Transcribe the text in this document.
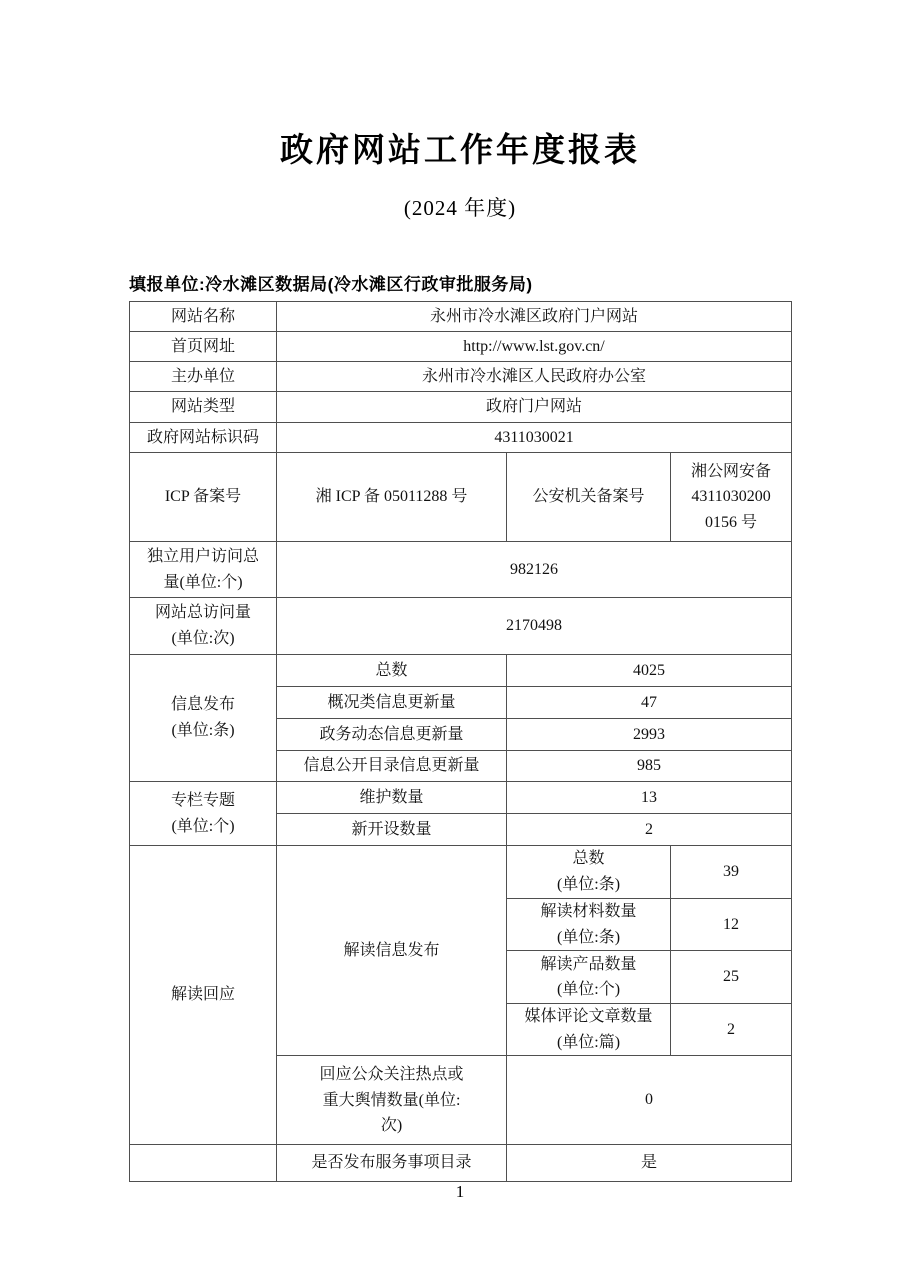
政府网站工作年度报表
(2024 年度)
填报单位:冷水滩区数据局(冷水滩区行政审批服务局)
网站名称	永州市冷水滩区政府门户网站		
首页网址	http://www.lst.gov.cn/		
主办单位	永州市冷水滩区人民政府办公室		
网站类型	政府门户网站		
政府网站标识码	4311030021		
ICP 备案号	湘 ICP 备 05011288 号	公安机关备案号	湘公网安备
4311030200
0156 号

独立用户访问总
量(单位:个)	982126		

网站总访问量
(单位:次)	2170498		

信息发布
(单位:条)	总数	4025	
	概况类信息更新量	47	
	政务动态信息更新量	2993	
	信息公开目录信息更新量	985	

专栏专题
(单位:个)	维护数量	13	
	新开设数量	2	
解读回应	解读信息发布	总数
(单位:条)	39

		解读材料数量
(单位:条)	12

		解读产品数量
(单位:个)	25

		媒体评论文章数量
(单位:篇)	2

	回应公众关注热点或
重大舆情数量(单位:
次)	0	
	是否发布服务事项目录	是	
1
